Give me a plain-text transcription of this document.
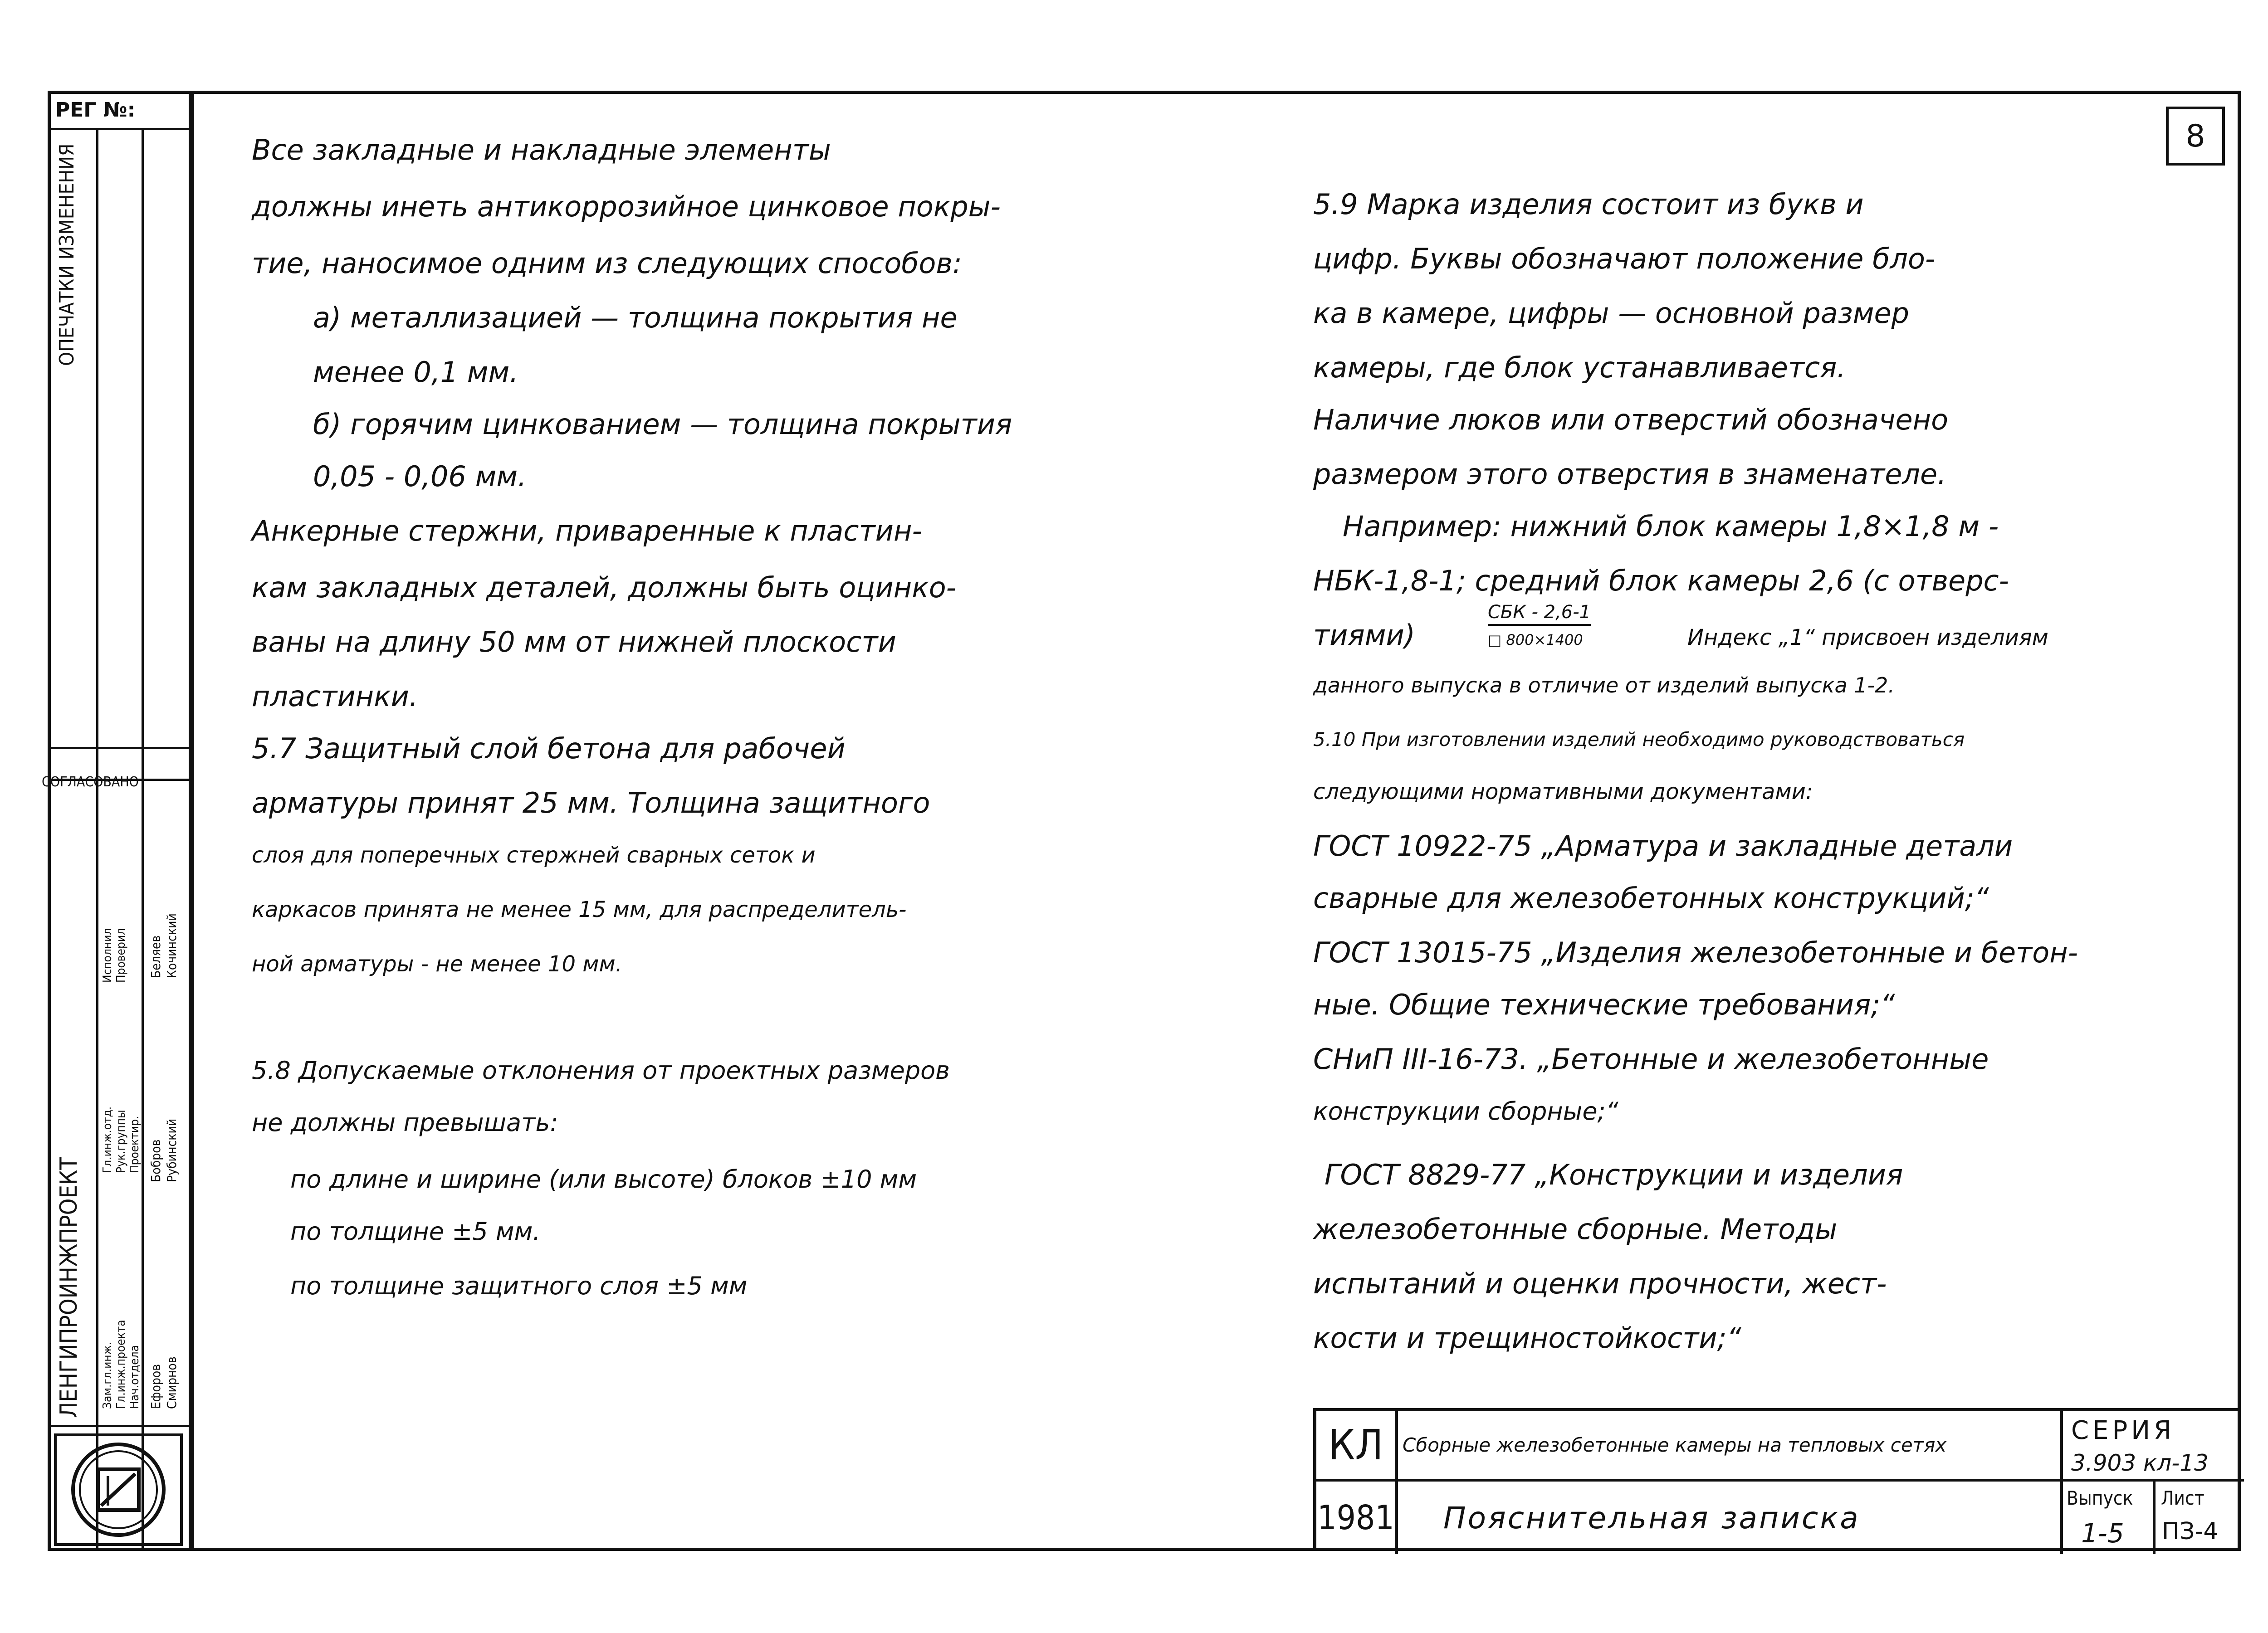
8
РЕГ №:
ОПЕЧАТКИ ИЗМЕНЕНИЯ
СОГЛАСОВАНО
ЛЕНГИПРОИНЖПРОЕКТ Зам.гл.инж. Гл.инж.проекта Нач.отдела
Гл.инж.отд. Рук.группы Проектир.
Исполнил Проверил
Ефоров Смирнов
Беляев Кочинский
Бобров Рубинский
Все закладные и накладные элементы
должны инеть антикоррозийное цинковое покры-
тие, наносимое одним из следующих способов:
а) металлизацией — толщина покрытия не
менее 0,1 мм.
б) горячим цинкованием — толщина покрытия
0,05 - 0,06 мм.
Анкерные стержни, приваренные к пластин-
кам закладных деталей, должны быть оцинко-
ваны на длину 50 мм от нижней плоскости
пластинки.
5.7 Защитный слой бетона для рабочей
арматуры принят 25 мм. Толщина защитного
слоя для поперечных стержней сварных сеток и
каркасов принята не менее 15 мм, для распределитель-
ной арматуры - не менее 10 мм.
5.8 Допускаемые отклонения от проектных размеров
не должны превышать:
по длине и ширине (или высоте) блоков ±10 мм
по толщине ±5 мм.
по толщине защитного слоя ±5 мм
5.9 Марка изделия состоит из букв и
цифр. Буквы обозначают положение бло-
ка в камере, цифры — основной размер
камеры, где блок устанавливается.
Наличие люков или отверстий обозначено
размером этого отверстия в знаменателе.
Например: нижний блок камеры 1,8×1,8 м -
НБК-1,8-1; средний блок камеры 2,6 (с отверс-
тиями)
СБК - 2,6-1
□ 800×1400	Индекс „1“ присвоен изделиям
данного выпуска в отличие от изделий выпуска 1-2.
5.10 При изготовлении изделий необходимо руководствоваться
следующими нормативными документами:
ГОСТ 10922-75 „Арматура и закладные детали
сварные для железобетонных конструкций;“
ГОСТ 13015-75 „Изделия железобетонные и бетон-
ные. Общие технические требования;“
СНиП III-16-73. „Бетонные и железобетонные
конструкции сборные;“
ГОСТ 8829-77 „Конструкции и изделия
железобетонные сборные. Методы
испытаний и оценки прочности, жест-
кости и трещиностойкости;“
КЛ
1981
Сборные железобетонные камеры на тепловых сетях
Пояснительная записка
СЕРИЯ
3.903 кл-13
Выпуск
1-5
Лист
ПЗ-4
